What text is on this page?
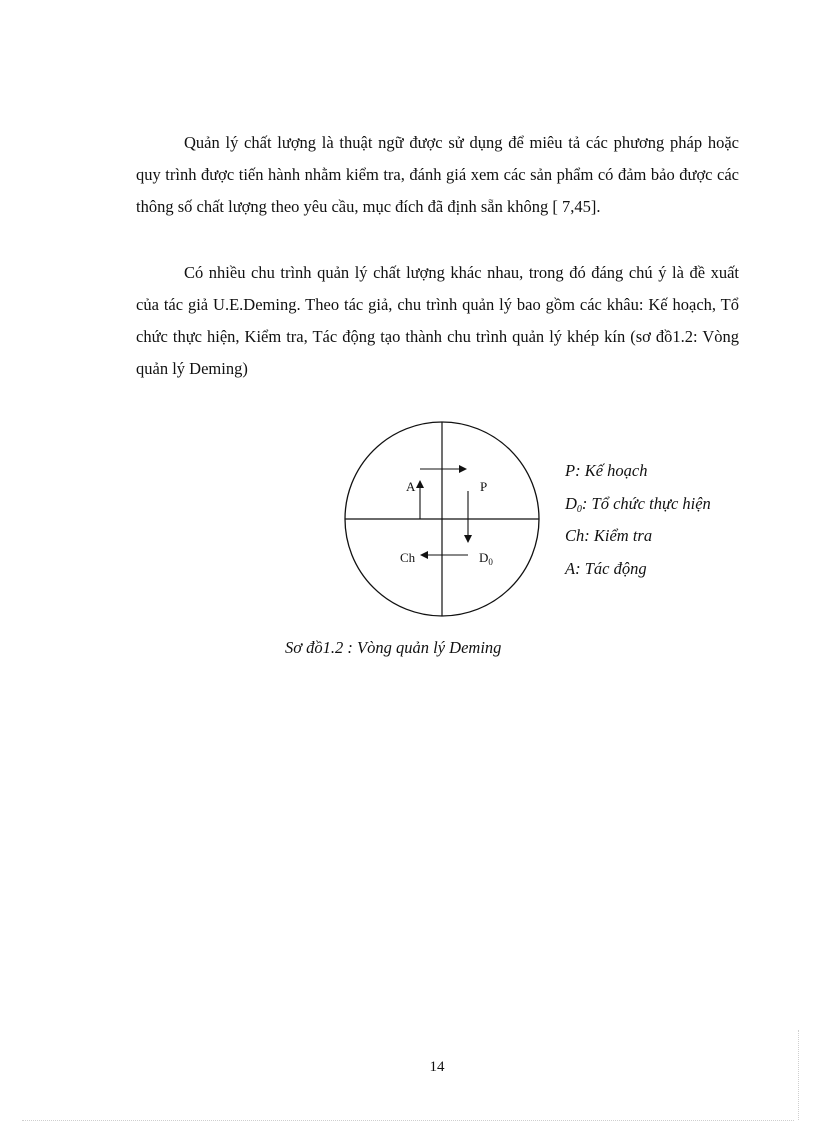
Quản lý chất lượng là thuật ngữ được sử dụng để miêu tả các phương pháp hoặc quy trình được tiến hành nhằm kiểm tra, đánh giá xem các sản phẩm có đảm bảo được các thông số chất lượng theo yêu cầu, mục đích đã định sẵn không [ 7,45].

Có nhiều chu trình quản lý chất lượng khác nhau, trong đó đáng chú ý là đề xuất của tác giả U.E.Deming. Theo tác giả, chu trình quản lý bao gồm các khâu: Kế hoạch, Tổ chức thực hiện, Kiểm tra, Tác động tạo thành chu trình quản lý khép kín (sơ đồ1.2: Vòng quản lý Deming)

A	P
Ch	$D_0$
P: Kế hoạch
$D_0$: Tổ chức thực hiện
Ch: Kiểm tra
A: Tác động
Sơ đồ1.2 : Vòng quản lý Deming
14
